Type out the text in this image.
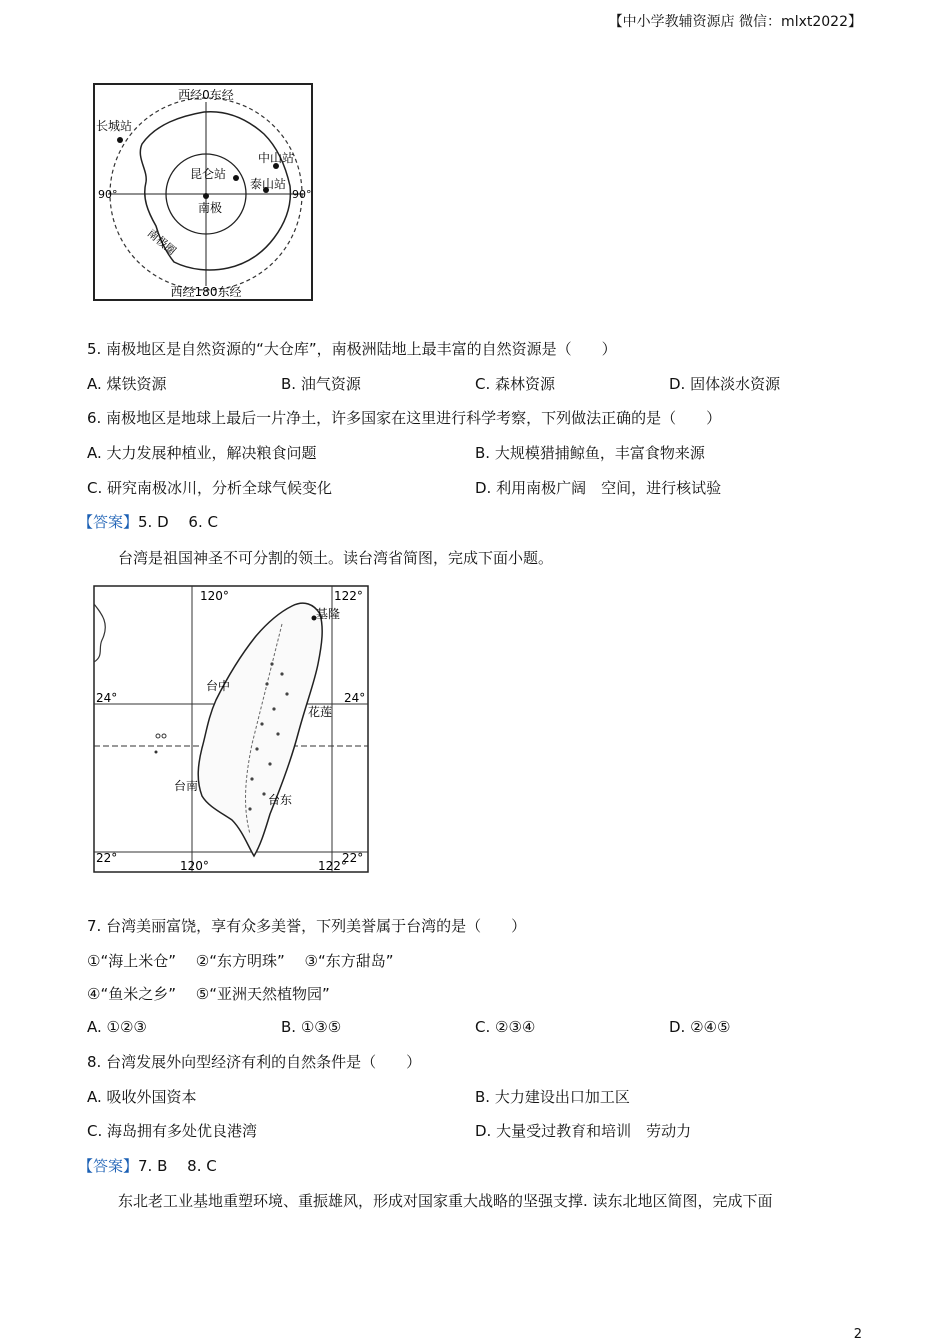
【中小学教辅资源店 微信：mlxt2022】
西经0东经
西经180东经
90°	90°
长城站
中山站
昆仑站
泰山站
南极
南极圈
5. 南极地区是自然资源的“大仓库”，南极洲陆地上最丰富的自然资源是（　　）
A. 煤铁资源	B. 油气资源	C. 森林资源	D. 固体淡水资源
6. 南极地区是地球上最后一片净土，许多国家在这里进行科学考察，下列做法正确的是（　　）
A. 大力发展种植业，解决粮食问题	B. 大规模猎捕鲸鱼，丰富食物来源
C. 研究南极冰川，分析全球气候变化	D. 利用南极广阔　空间，进行核试验
【答案】5. D　 6. C
台湾是祖国神圣不可分割的领土。读台湾省简图，完成下面小题。
120°	122°
24°	24°
22°	22°
120°	122°
基隆
台中
花莲
台南
台东
7. 台湾美丽富饶，享有众多美誉，下列美誉属于台湾的是（　　）
①“海上米仓”　 ②“东方明珠”　 ③“东方甜岛”
④“鱼米之乡”　 ⑤“亚洲天然植物园”
A. ①②③	B. ①③⑤	C. ②③④	D. ②④⑤
8. 台湾发展外向型经济有利的自然条件是（　　）
A. 吸收外国资本	B. 大力建设出口加工区
C. 海岛拥有多处优良港湾	D. 大量受过教育和培训　劳动力
【答案】7. B　 8. C
东北老工业基地重塑环境、重振雄风，形成对国家重大战略的坚强支撑. 读东北地区简图，完成下面
2
